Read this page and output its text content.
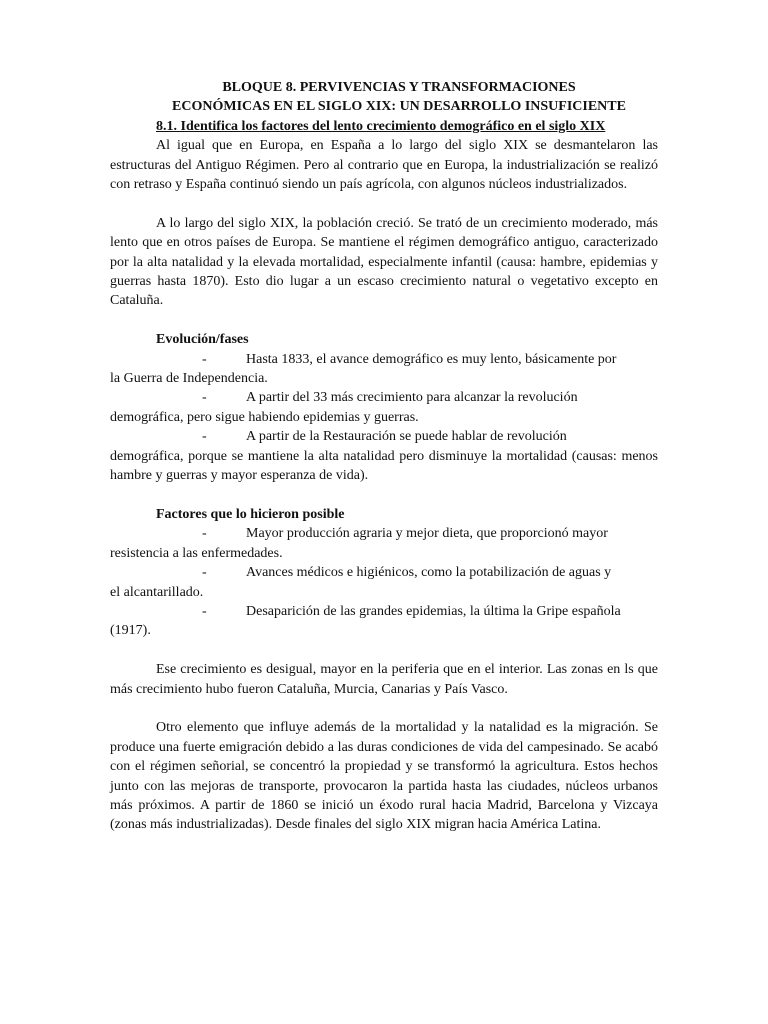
BLOQUE 8. PERVIVENCIAS Y TRANSFORMACIONES
ECONÓMICAS EN EL SIGLO XIX: UN DESARROLLO INSUFICIENTE

8.1. Identifica los factores del lento crecimiento demográfico en el siglo XIX

Al igual que en Europa, en España a lo largo del siglo XIX se desmantelaron las estructuras del Antiguo Régimen. Pero al contrario que en Europa, la industrialización se realizó con retraso y España continuó siendo un país agrícola, con algunos núcleos industrializados.

A lo largo del siglo XIX, la población creció. Se trató de un crecimiento moderado, más lento que en otros países de Europa. Se mantiene el régimen demográfico antiguo, caracterizado por la alta natalidad y la elevada mortalidad, especialmente infantil (causa: hambre, epidemias y guerras hasta 1870). Esto dio lugar a un escaso crecimiento natural o vegetativo excepto en Cataluña.

Evolución/fases

-	Hasta 1833, el avance demográfico es muy lento, básicamente por

la Guerra de Independencia.

-	A partir del 33 más crecimiento para alcanzar la revolución

demográfica, pero sigue habiendo epidemias y guerras.

-	A partir de la Restauración se puede hablar de revolución

demográfica, porque se mantiene la alta natalidad pero disminuye la mortalidad (causas: menos hambre y guerras y mayor esperanza de vida).

Factores que lo hicieron posible

-	Mayor producción agraria y mejor dieta, que proporcionó mayor

resistencia a las enfermedades.

-	Avances médicos e higiénicos, como la potabilización de aguas y

el alcantarillado.

-	Desaparición de las grandes epidemias, la última la Gripe española

(1917).

Ese crecimiento es desigual, mayor en la periferia que en el interior. Las zonas en ls que más crecimiento hubo fueron Cataluña, Murcia, Canarias y País Vasco.

Otro elemento que influye además de la mortalidad y la natalidad es la migración. Se produce una fuerte emigración debido a las duras condiciones de vida del campesinado. Se acabó con el régimen señorial, se concentró la propiedad y se transformó la agricultura. Estos hechos junto con las mejoras de transporte, provocaron la partida hasta las ciudades, núcleos urbanos más próximos. A partir de 1860 se inició un éxodo rural hacia Madrid, Barcelona y Vizcaya (zonas más industrializadas). Desde finales del siglo XIX migran hacia América Latina.
